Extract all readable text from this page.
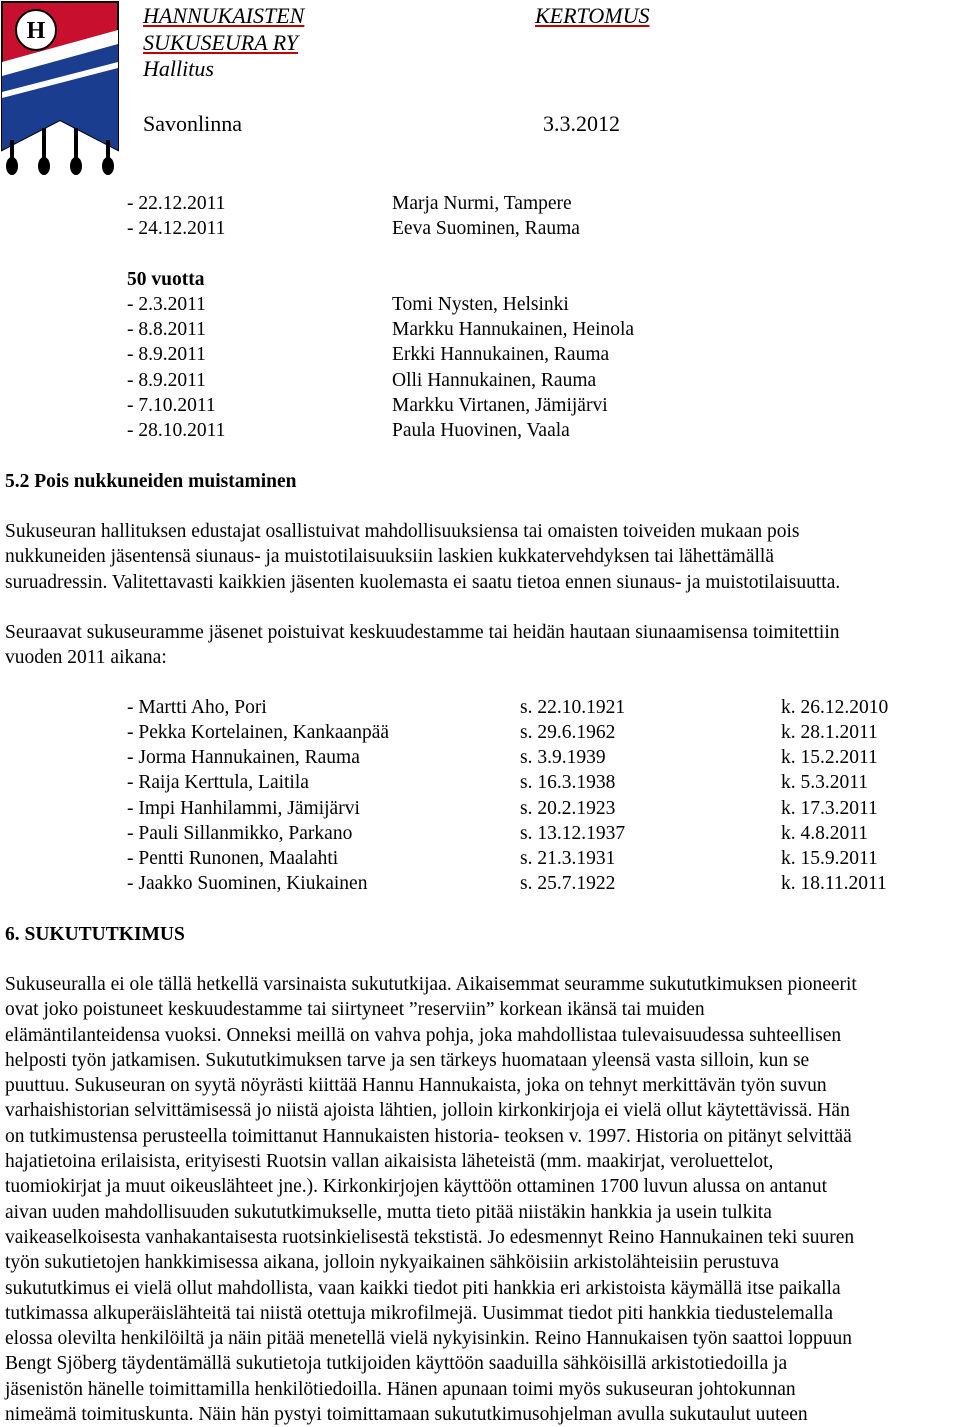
H
HANNUKAISTEN
SUKUSEURA RY
Hallitus
KERTOMUS
Savonlinna	3.3.2012
- 22.12.2011	Marja Nurmi, Tampere
- 24.12.2011	Eeva Suominen, Rauma
50 vuotta
- 2.3.2011	Tomi Nysten, Helsinki
- 8.8.2011	Markku Hannukainen, Heinola
- 8.9.2011	Erkki Hannukainen, Rauma
- 8.9.2011	Olli Hannukainen, Rauma
- 7.10.2011	Markku Virtanen, Jämijärvi
- 28.10.2011	Paula Huovinen, Vaala
5.2 Pois nukkuneiden muistaminen

Sukuseuran hallituksen edustajat osallistuivat mahdollisuuksiensa tai omaisten toiveiden mukaan pois

nukkuneiden jäsentensä siunaus- ja muistotilaisuuksiin laskien kukkatervehdyksen tai lähettämällä

suruadressin. Valitettavasti kaikkien jäsenten kuolemasta ei saatu tietoa ennen siunaus- ja muistotilaisuutta.

Seuraavat sukuseuramme jäsenet poistuivat keskuudestamme tai heidän hautaan siunaamisensa toimitettiin

vuoden 2011 aikana:

- Martti Aho, Pori	s. 22.10.1921	k. 26.12.2010
- Pekka Kortelainen, Kankaanpää	s. 29.6.1962	k. 28.1.2011
- Jorma Hannukainen, Rauma	s. 3.9.1939	k. 15.2.2011
- Raija Kerttula, Laitila	s. 16.3.1938	k. 5.3.2011
- Impi Hanhilammi, Jämijärvi	s. 20.2.1923	k. 17.3.2011
- Pauli Sillanmikko, Parkano	s. 13.12.1937	k. 4.8.2011
- Pentti Runonen, Maalahti	s. 21.3.1931	k. 15.9.2011
- Jaakko Suominen, Kiukainen	s. 25.7.1922	k. 18.11.2011
6. SUKUTUTKIMUS

Sukuseuralla ei ole tällä hetkellä varsinaista sukututkijaa. Aikaisemmat seuramme sukututkimuksen pioneerit

ovat joko poistuneet keskuudestamme tai siirtyneet ”reserviin” korkean ikänsä tai muiden

elämäntilanteidensa vuoksi. Onneksi meillä on vahva pohja, joka mahdollistaa tulevaisuudessa suhteellisen

helposti työn jatkamisen. Sukututkimuksen tarve ja sen tärkeys huomataan yleensä vasta silloin, kun se

puuttuu. Sukuseuran on syytä nöyrästi kiittää Hannu Hannukaista, joka on tehnyt merkittävän työn suvun

varhaishistorian selvittämisessä jo niistä ajoista lähtien, jolloin kirkonkirjoja ei vielä ollut käytettävissä. Hän

on tutkimustensa perusteella toimittanut Hannukaisten historia- teoksen v. 1997. Historia on pitänyt selvittää

hajatietoina erilaisista, erityisesti Ruotsin vallan aikaisista läheteistä (mm. maakirjat, veroluettelot,

tuomiokirjat ja muut oikeuslähteet jne.). Kirkonkirjojen käyttöön ottaminen 1700 luvun alussa on antanut

aivan uuden mahdollisuuden sukututkimukselle, mutta tieto pitää niistäkin hankkia ja usein tulkita

vaikeaselkoisesta vanhakantaisesta ruotsinkielisestä tekstistä. Jo edesmennyt Reino Hannukainen teki suuren

työn sukutietojen hankkimisessa aikana, jolloin nykyaikainen sähköisiin arkistolähteisiin perustuva

sukututkimus ei vielä ollut mahdollista, vaan kaikki tiedot piti hankkia eri arkistoista käymällä itse paikalla

tutkimassa alkuperäislähteitä tai niistä otettuja mikrofilmejä. Uusimmat tiedot piti hankkia tiedustelemalla

elossa olevilta henkilöiltä ja näin pitää menetellä vielä nykyisinkin. Reino Hannukaisen työn saattoi loppuun

Bengt Sjöberg täydentämällä sukutietoja tutkijoiden käyttöön saaduilla sähköisillä arkistotiedoilla ja

jäsenistön hänelle toimittamilla henkilötiedoilla. Hänen apunaan toimi myös sukuseuran johtokunnan

nimeämä toimituskunta. Näin hän pystyi toimittamaan sukututkimusohjelman avulla sukutaulut uuteen
